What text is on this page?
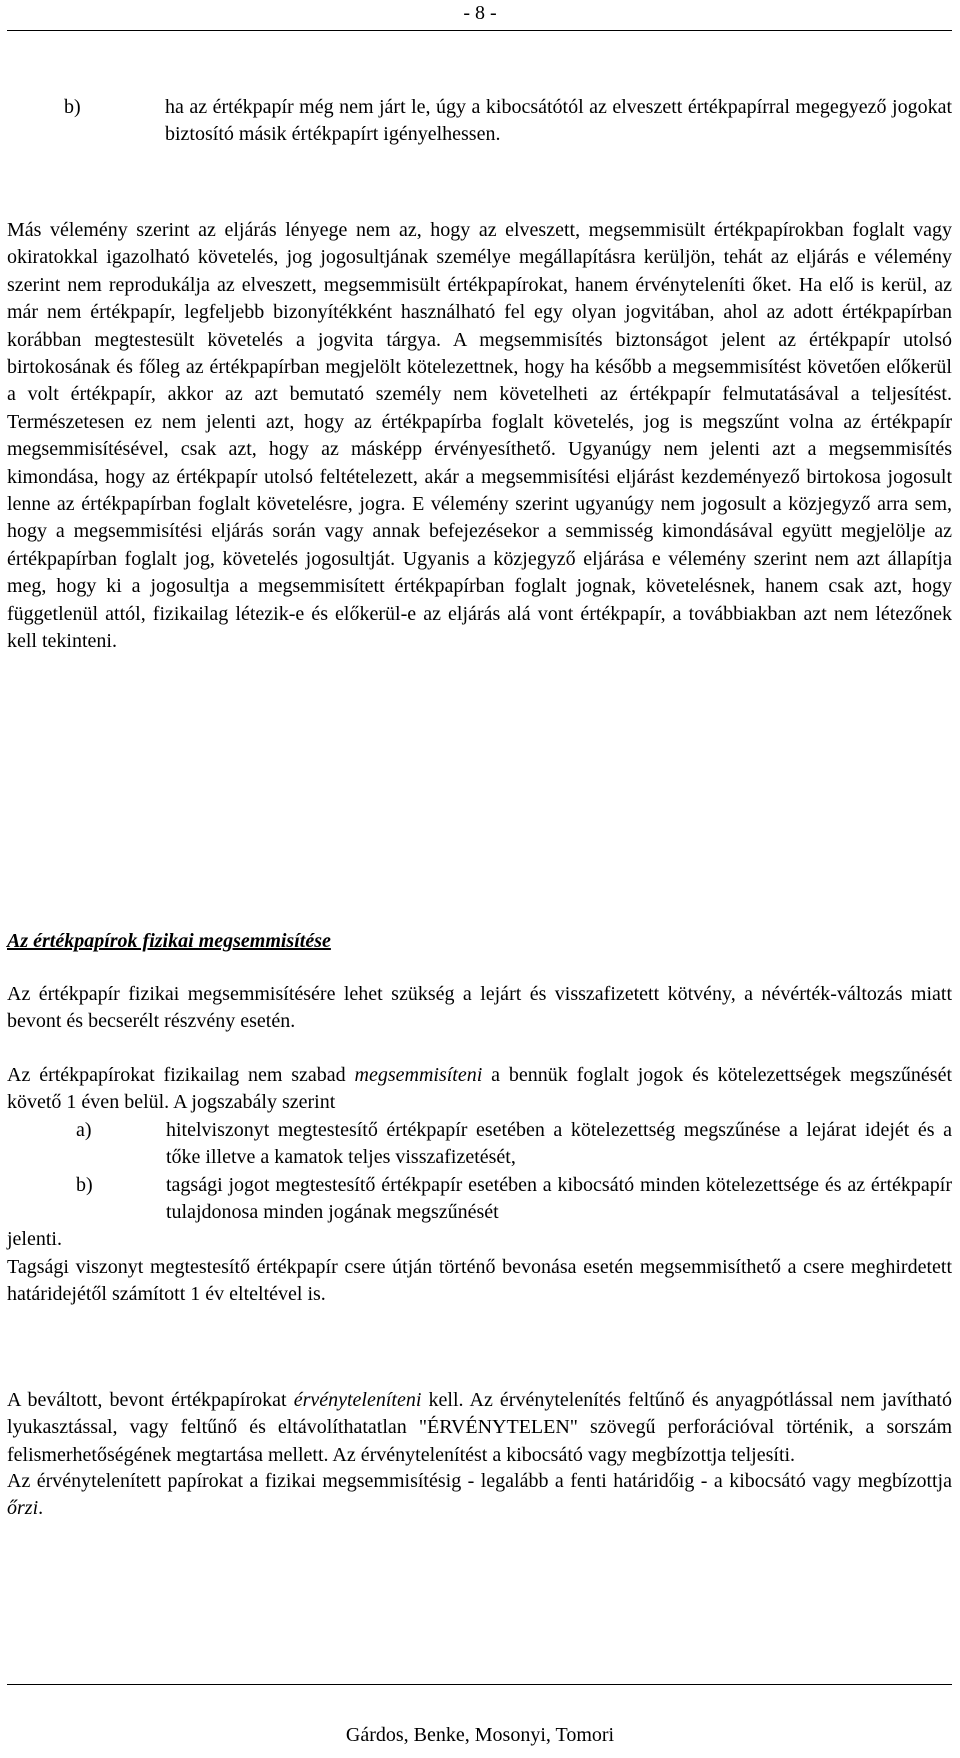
- 8 -
b)	ha az értékpapír még nem járt le, úgy a kibocsátótól az elveszett értékpapírral megegyező jogokat biztosító másik értékpapírt igényelhessen.

Más vélemény szerint az eljárás lényege nem az, hogy az elveszett, megsemmisült értékpapírokban foglalt vagy okiratokkal igazolható követelés, jog jogosultjának személye megállapításra kerüljön, tehát az eljárás e vélemény szerint nem reprodukálja az elveszett, megsemmisült értékpapírokat, hanem érvényteleníti őket. Ha elő is kerül, az már nem értékpapír, legfeljebb bizonyítékként használható fel egy olyan jogvitában, ahol az adott értékpapírban korábban megtestesült követelés a jogvita tárgya. A megsemmisítés biztonságot jelent az értékpapír utolsó birtokosának és főleg az értékpapírban megjelölt kötelezettnek, hogy ha később a megsemmisítést követően előkerül a volt értékpapír, akkor az azt bemutató személy nem követelheti az értékpapír felmutatásával a teljesítést. Természetesen ez nem jelenti azt, hogy az értékpapírba foglalt követelés, jog is megszűnt volna az értékpapír megsemmisítésével, csak azt, hogy az másképp érvényesíthető. Ugyanúgy nem jelenti azt a megsemmisítés kimondása, hogy az értékpapír utolsó feltételezett, akár a megsemmisítési eljárást kezdeményező birtokosa jogosult lenne az értékpapírban foglalt követelésre, jogra. E vélemény szerint ugyanúgy nem jogosult a közjegyző arra sem, hogy a megsemmisítési eljárás során vagy annak befejezésekor a semmisség kimondásával együtt megjelölje az értékpapírban foglalt jog, követelés jogosultját. Ugyanis a közjegyző eljárása e vélemény szerint nem azt állapítja meg, hogy ki a jogosultja a megsemmisített értékpapírban foglalt jognak, követelésnek, hanem csak azt, hogy függetlenül attól, fizikailag létezik-e és előkerül-e az eljárás alá vont értékpapír, a továbbiakban azt nem létezőnek kell tekinteni.

Az értékpapírok fizikai megsemmisítése

Az értékpapír fizikai megsemmisítésére lehet szükség a lejárt és visszafizetett kötvény, a névérték-változás miatt bevont és becserélt részvény esetén.

Az értékpapírokat fizikailag nem szabad megsemmisíteni a bennük foglalt jogok és kötelezettségek megszűnését követő 1 éven belül. A jogszabály szerint

a)	hitelviszonyt megtestesítő értékpapír esetében a kötelezettség megszűnése a lejárat idejét és a tőke illetve a kamatok teljes visszafizetését,
b)	tagsági jogot megtestesítő értékpapír esetében a kibocsátó minden kötelezettsége és az értékpapír tulajdonosa minden jogának megszűnését

jelenti.

Tagsági viszonyt megtestesítő értékpapír csere útján történő bevonása esetén megsemmisíthető a csere meghirdetett határidejétől számított 1 év elteltével is.

A beváltott, bevont értékpapírokat érvényteleníteni kell. Az érvénytelenítés feltűnő és anyagpótlással nem javítható lyukasztással, vagy feltűnő és eltávolíthatatlan "ÉRVÉNYTELEN" szövegű perforációval történik, a sorszám felismerhetőségének megtartása mellett. Az érvénytelenítést a kibocsátó vagy megbízottja teljesíti.

Az érvénytelenített papírokat a fizikai megsemmisítésig - legalább a fenti határidőig - a kibocsátó vagy megbízottja őrzi.

Gárdos, Benke, Mosonyi, Tomori
